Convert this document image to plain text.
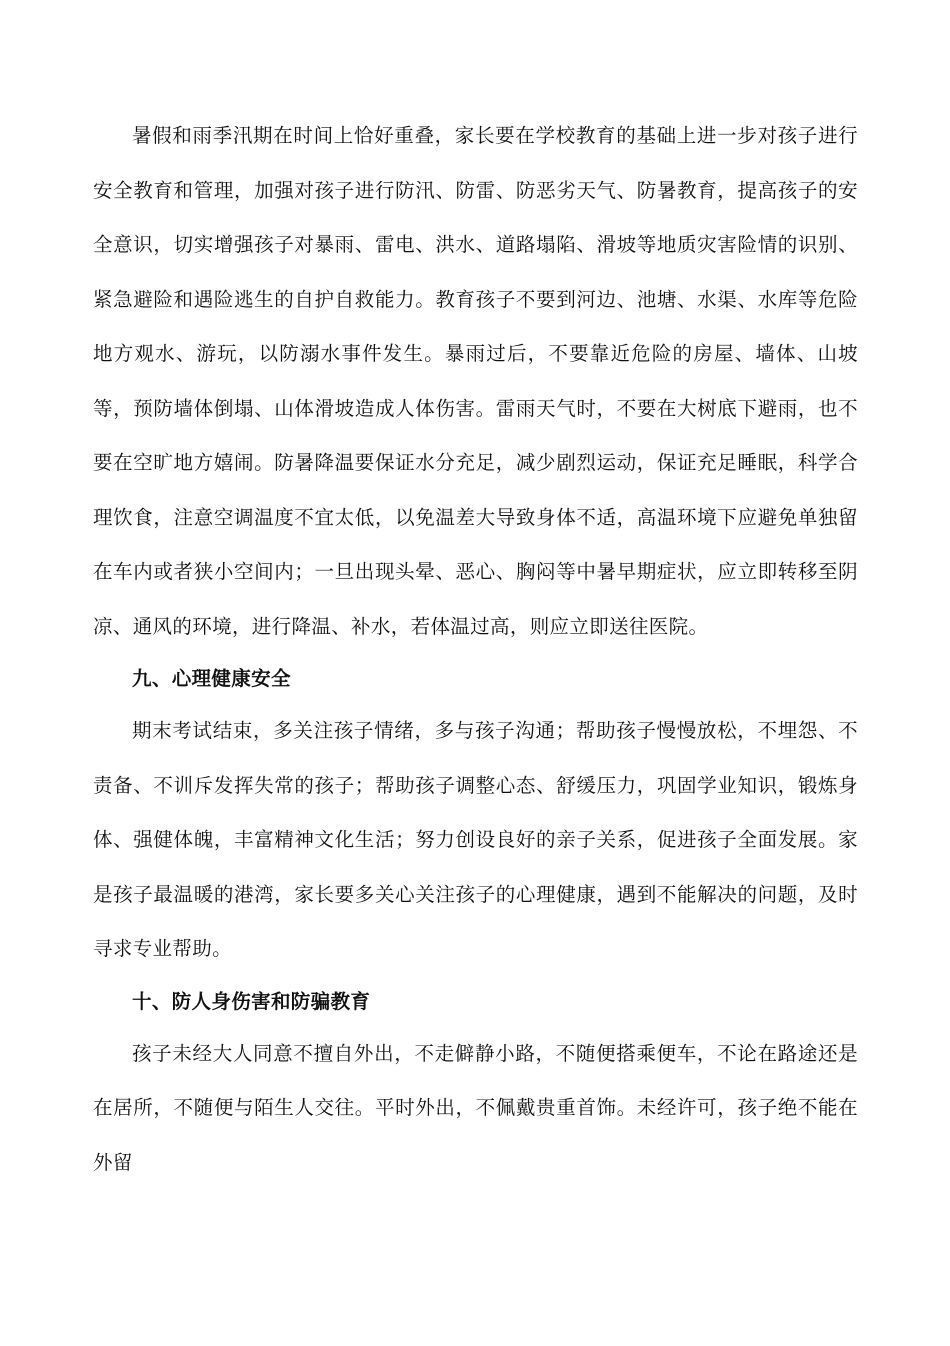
暑假和雨季汛期在时间上恰好重叠，家长要在学校教育的基础上进一步对孩子进行安全教育和管理，加强对孩子进行防汛、防雷、防恶劣天气、防暑教育，提高孩子的安全意识，切实增强孩子对暴雨、雷电、洪水、道路塌陷、滑坡等地质灾害险情的识别、紧急避险和遇险逃生的自护自救能力。教育孩子不要到河边、池塘、水渠、水库等危险地方观水、游玩，以防溺水事件发生。暴雨过后，不要靠近危险的房屋、墙体、山坡等，预防墙体倒塌、山体滑坡造成人体伤害。雷雨天气时，不要在大树底下避雨，也不要在空旷地方嬉闹。防暑降温要保证水分充足，减少剧烈运动，保证充足睡眠，科学合理饮食，注意空调温度不宜太低，以免温差大导致身体不适，高温环境下应避免单独留在车内或者狭小空间内；一旦出现头晕、恶心、胸闷等中暑早期症状，应立即转移至阴凉、通风的环境，进行降温、补水，若体温过高，则应立即送往医院。

九、心理健康安全

期末考试结束，多关注孩子情绪，多与孩子沟通；帮助孩子慢慢放松，不埋怨、不责备、不训斥发挥失常的孩子；帮助孩子调整心态、舒缓压力，巩固学业知识，锻炼身体、强健体魄，丰富精神文化生活；努力创设良好的亲子关系，促进孩子全面发展。家是孩子最温暖的港湾，家长要多关心关注孩子的心理健康，遇到不能解决的问题，及时寻求专业帮助。

十、防人身伤害和防骗教育

孩子未经大人同意不擅自外出，不走僻静小路，不随便搭乘便车，不论在路途还是在居所，不随便与陌生人交往。平时外出，不佩戴贵重首饰。未经许可，孩子绝不能在外留
